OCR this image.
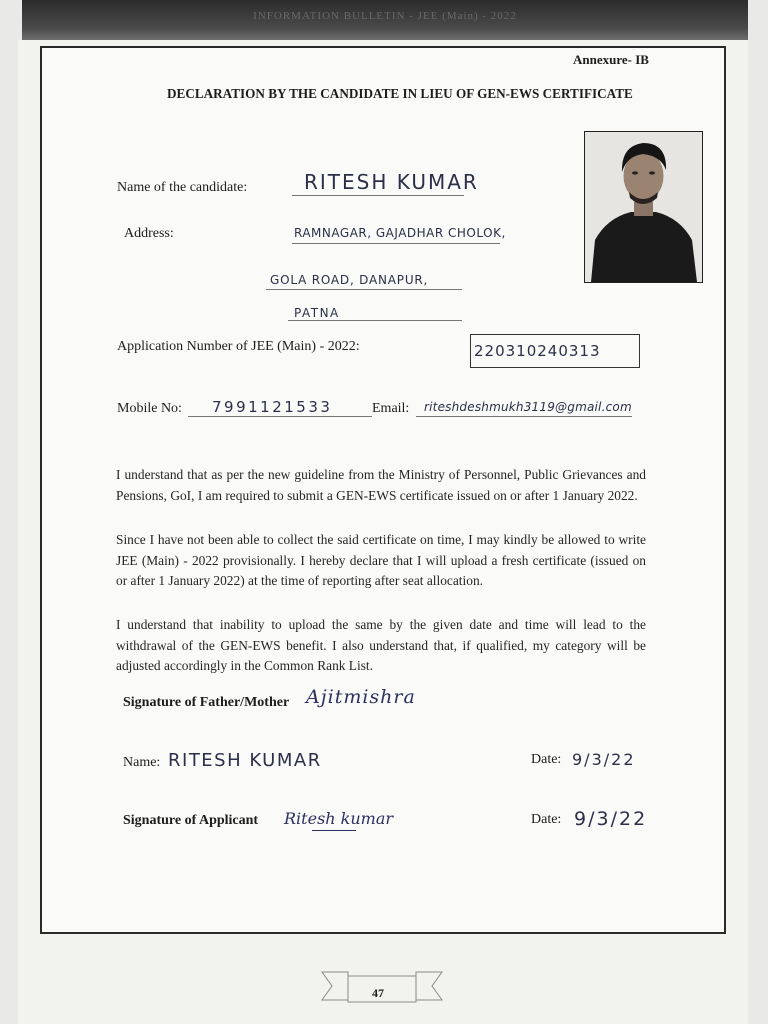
INFORMATION BULLETIN - JEE (Main) - 2022
Annexure- IB
DECLARATION BY THE CANDIDATE IN LIEU OF GEN-EWS CERTIFICATE
Name of the candidate:	RITESH KUMAR
Address:	RAMNAGAR, GAJADHAR CHOLOK,
GOLA ROAD, DANAPUR,
PATNA
Application Number of JEE (Main) - 2022:	220310240313
Mobile No: 7991121533	Email: riteshdeshmukh3119@gmail.com
I understand that as per the new guideline from the Ministry of Personnel, Public Grievances and Pensions, GoI, I am required to submit a GEN-EWS certificate issued on or after 1 January 2022.
Since I have not been able to collect the said certificate on time, I may kindly be allowed to write JEE (Main) - 2022 provisionally. I hereby declare that I will upload a fresh certificate (issued on or after 1 January 2022) at the time of reporting after seat allocation.
I understand that inability to upload the same by the given date and time will lead to the withdrawal of the GEN-EWS benefit. I also understand that, if qualified, my category will be adjusted accordingly in the Common Rank List.
Signature of Father/Mother Ajitmishra
Name: RITESH KUMAR	Date: 9/3/22
Signature of Applicant Ritesh kumar	Date: 9/3/22
47
